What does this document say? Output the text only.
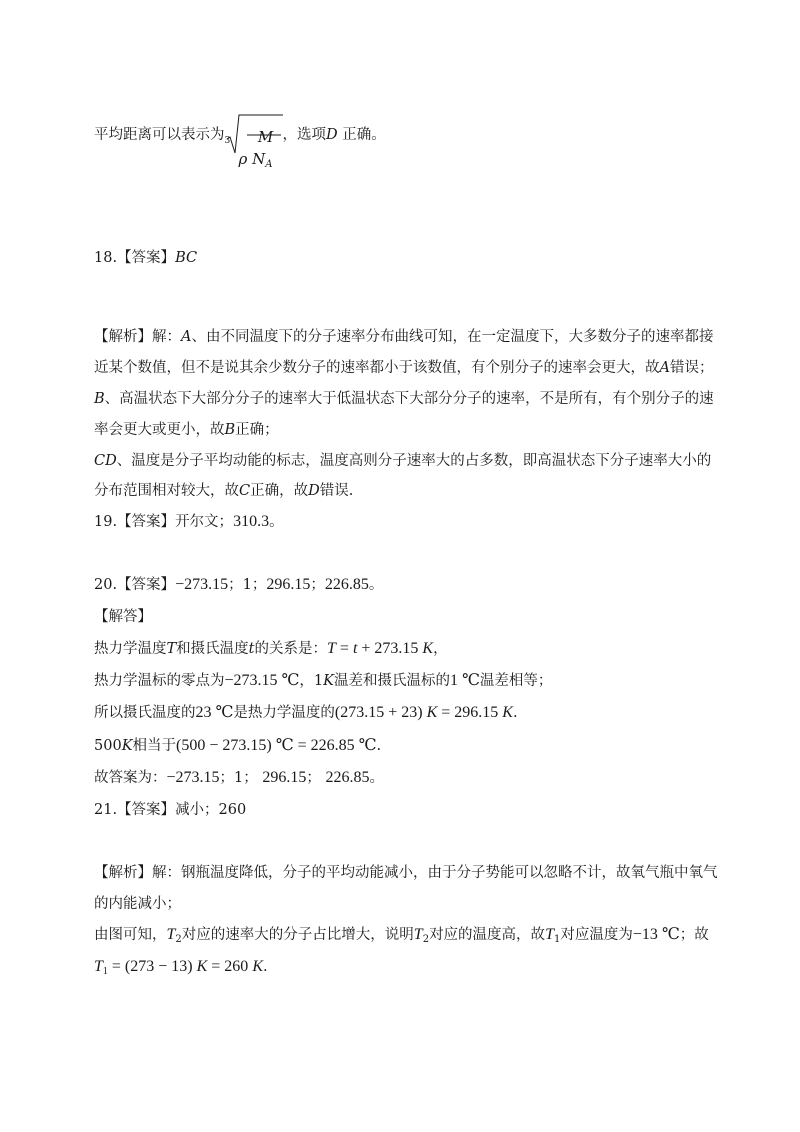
平均距离可以表示为 3	M
ρ $N_A$
，选项D 正确。
18.【答案】BC
【解析】解：A、由不同温度下的分子速率分布曲线可知，在一定温度下，大多数分子的速率都接
近某个数值，但不是说其余少数分子的速率都小于该数值，有个别分子的速率会更大，故A错误；
B、高温状态下大部分分子的速率大于低温状态下大部分分子的速率，不是所有，有个别分子的速
率会更大或更小，故B正确；
CD、温度是分子平均动能的标志，温度高则分子速率大的占多数，即高温状态下分子速率大小的
分布范围相对较大，故C正确，故D错误.
19.【答案】开尔文；310.3。
20.【答案】−273.15；1；296.15；226.85。
【解答】
热力学温度T和摄氏温度t的关系是：T = t + 273.15 K，
热力学温标的零点为−273.15 ℃，1K温差和摄氏温标的1 ℃温差相等；
所以摄氏温度的23 ℃是热力学温度的(273.15 + 23) K = 296.15 K.
500K相当于(500 − 273.15) ℃ = 226.85 ℃.
故答案为：−273.15；1； 296.15； 226.85。
21.【答案】减小；260
【解析】解：钢瓶温度降低，分子的平均动能减小，由于分子势能可以忽略不计，故氧气瓶中氧气
的内能减小；
由图可知，$T_2$对应的速率大的分子占比增大，说明$T_2$对应的温度高，故$T_1$对应温度为−13 ℃；故
$T_1 = (273 - 13) K = 260$ K.
